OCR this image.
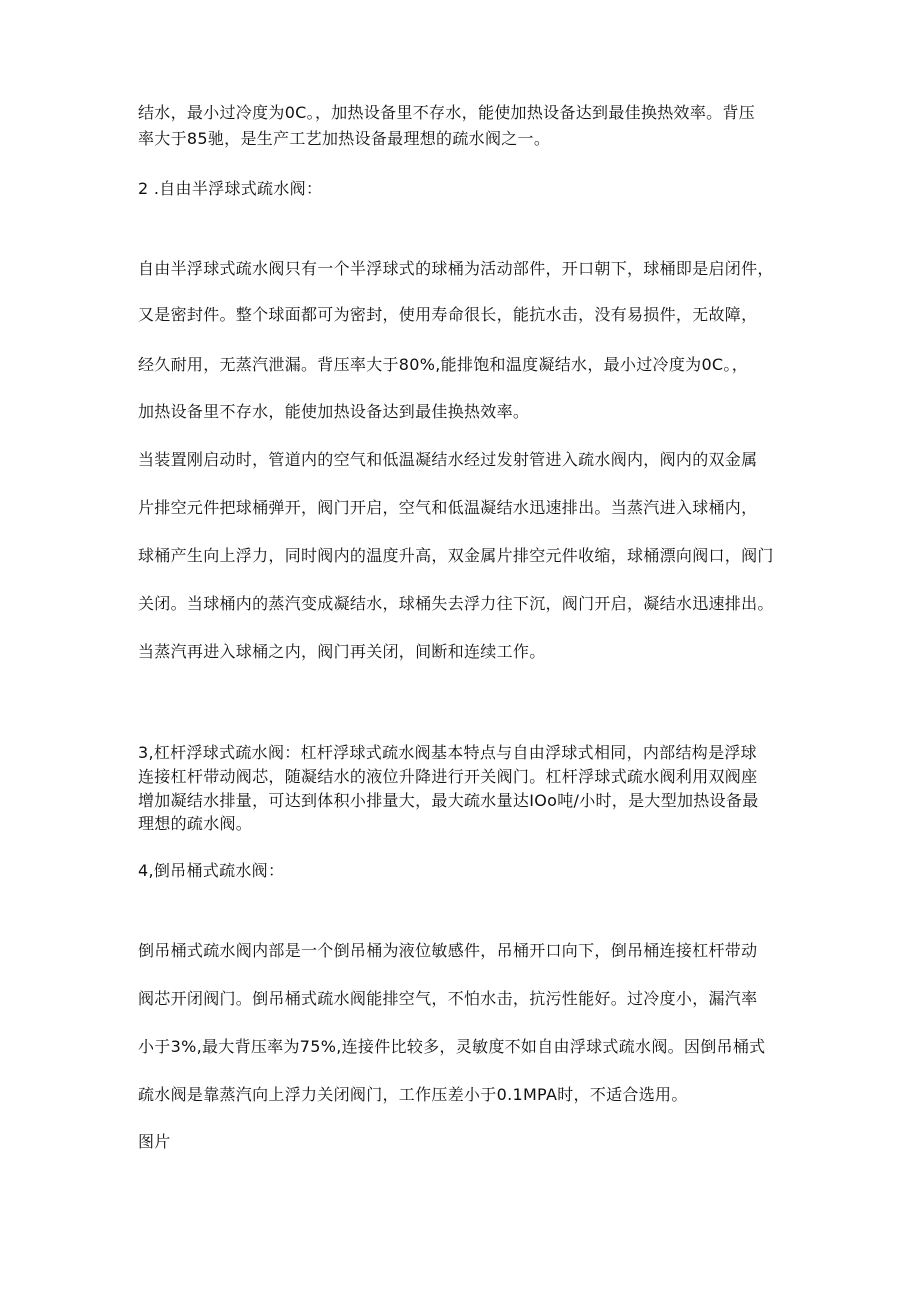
结水，最小过冷度为0C。，加热设备里不存水，能使加热设备达到最佳换热效率。背压
率大于85驰，是生产工艺加热设备最理想的疏水阀之一。
2 .自由半浮球式疏水阀：
自由半浮球式疏水阀只有一个半浮球式的球桶为活动部件，开口朝下，球桶即是启闭件，
又是密封件。整个球面都可为密封，使用寿命很长，能抗水击，没有易损件，无故障，
经久耐用，无蒸汽泄漏。背压率大于80%,能排饱和温度凝结水，最小过冷度为0C。，
加热设备里不存水，能使加热设备达到最佳换热效率。
当装置刚启动时，管道内的空气和低温凝结水经过发射管进入疏水阀内，阀内的双金属
片排空元件把球桶弹开，阀门开启，空气和低温凝结水迅速排出。当蒸汽进入球桶内，
球桶产生向上浮力，同时阀内的温度升高，双金属片排空元件收缩，球桶漂向阀口，阀门
关闭。当球桶内的蒸汽变成凝结水，球桶失去浮力往下沉，阀门开启，凝结水迅速排出。
当蒸汽再进入球桶之内，阀门再关闭，间断和连续工作。
3,杠杆浮球式疏水阀：杠杆浮球式疏水阀基本特点与自由浮球式相同，内部结构是浮球
连接杠杆带动阀芯，随凝结水的液位升降进行开关阀门。杠杆浮球式疏水阀利用双阀座
增加凝结水排量，可达到体积小排量大，最大疏水量达IOo吨/小时，是大型加热设备最
理想的疏水阀。
4,倒吊桶式疏水阀：
倒吊桶式疏水阀内部是一个倒吊桶为液位敏感件，吊桶开口向下，倒吊桶连接杠杆带动
阀芯开闭阀门。倒吊桶式疏水阀能排空气，不怕水击，抗污性能好。过冷度小，漏汽率
小于3%,最大背压率为75%,连接件比较多，灵敏度不如自由浮球式疏水阀。因倒吊桶式
疏水阀是靠蒸汽向上浮力关闭阀门，工作压差小于0.1MPA时，不适合选用。
图片
